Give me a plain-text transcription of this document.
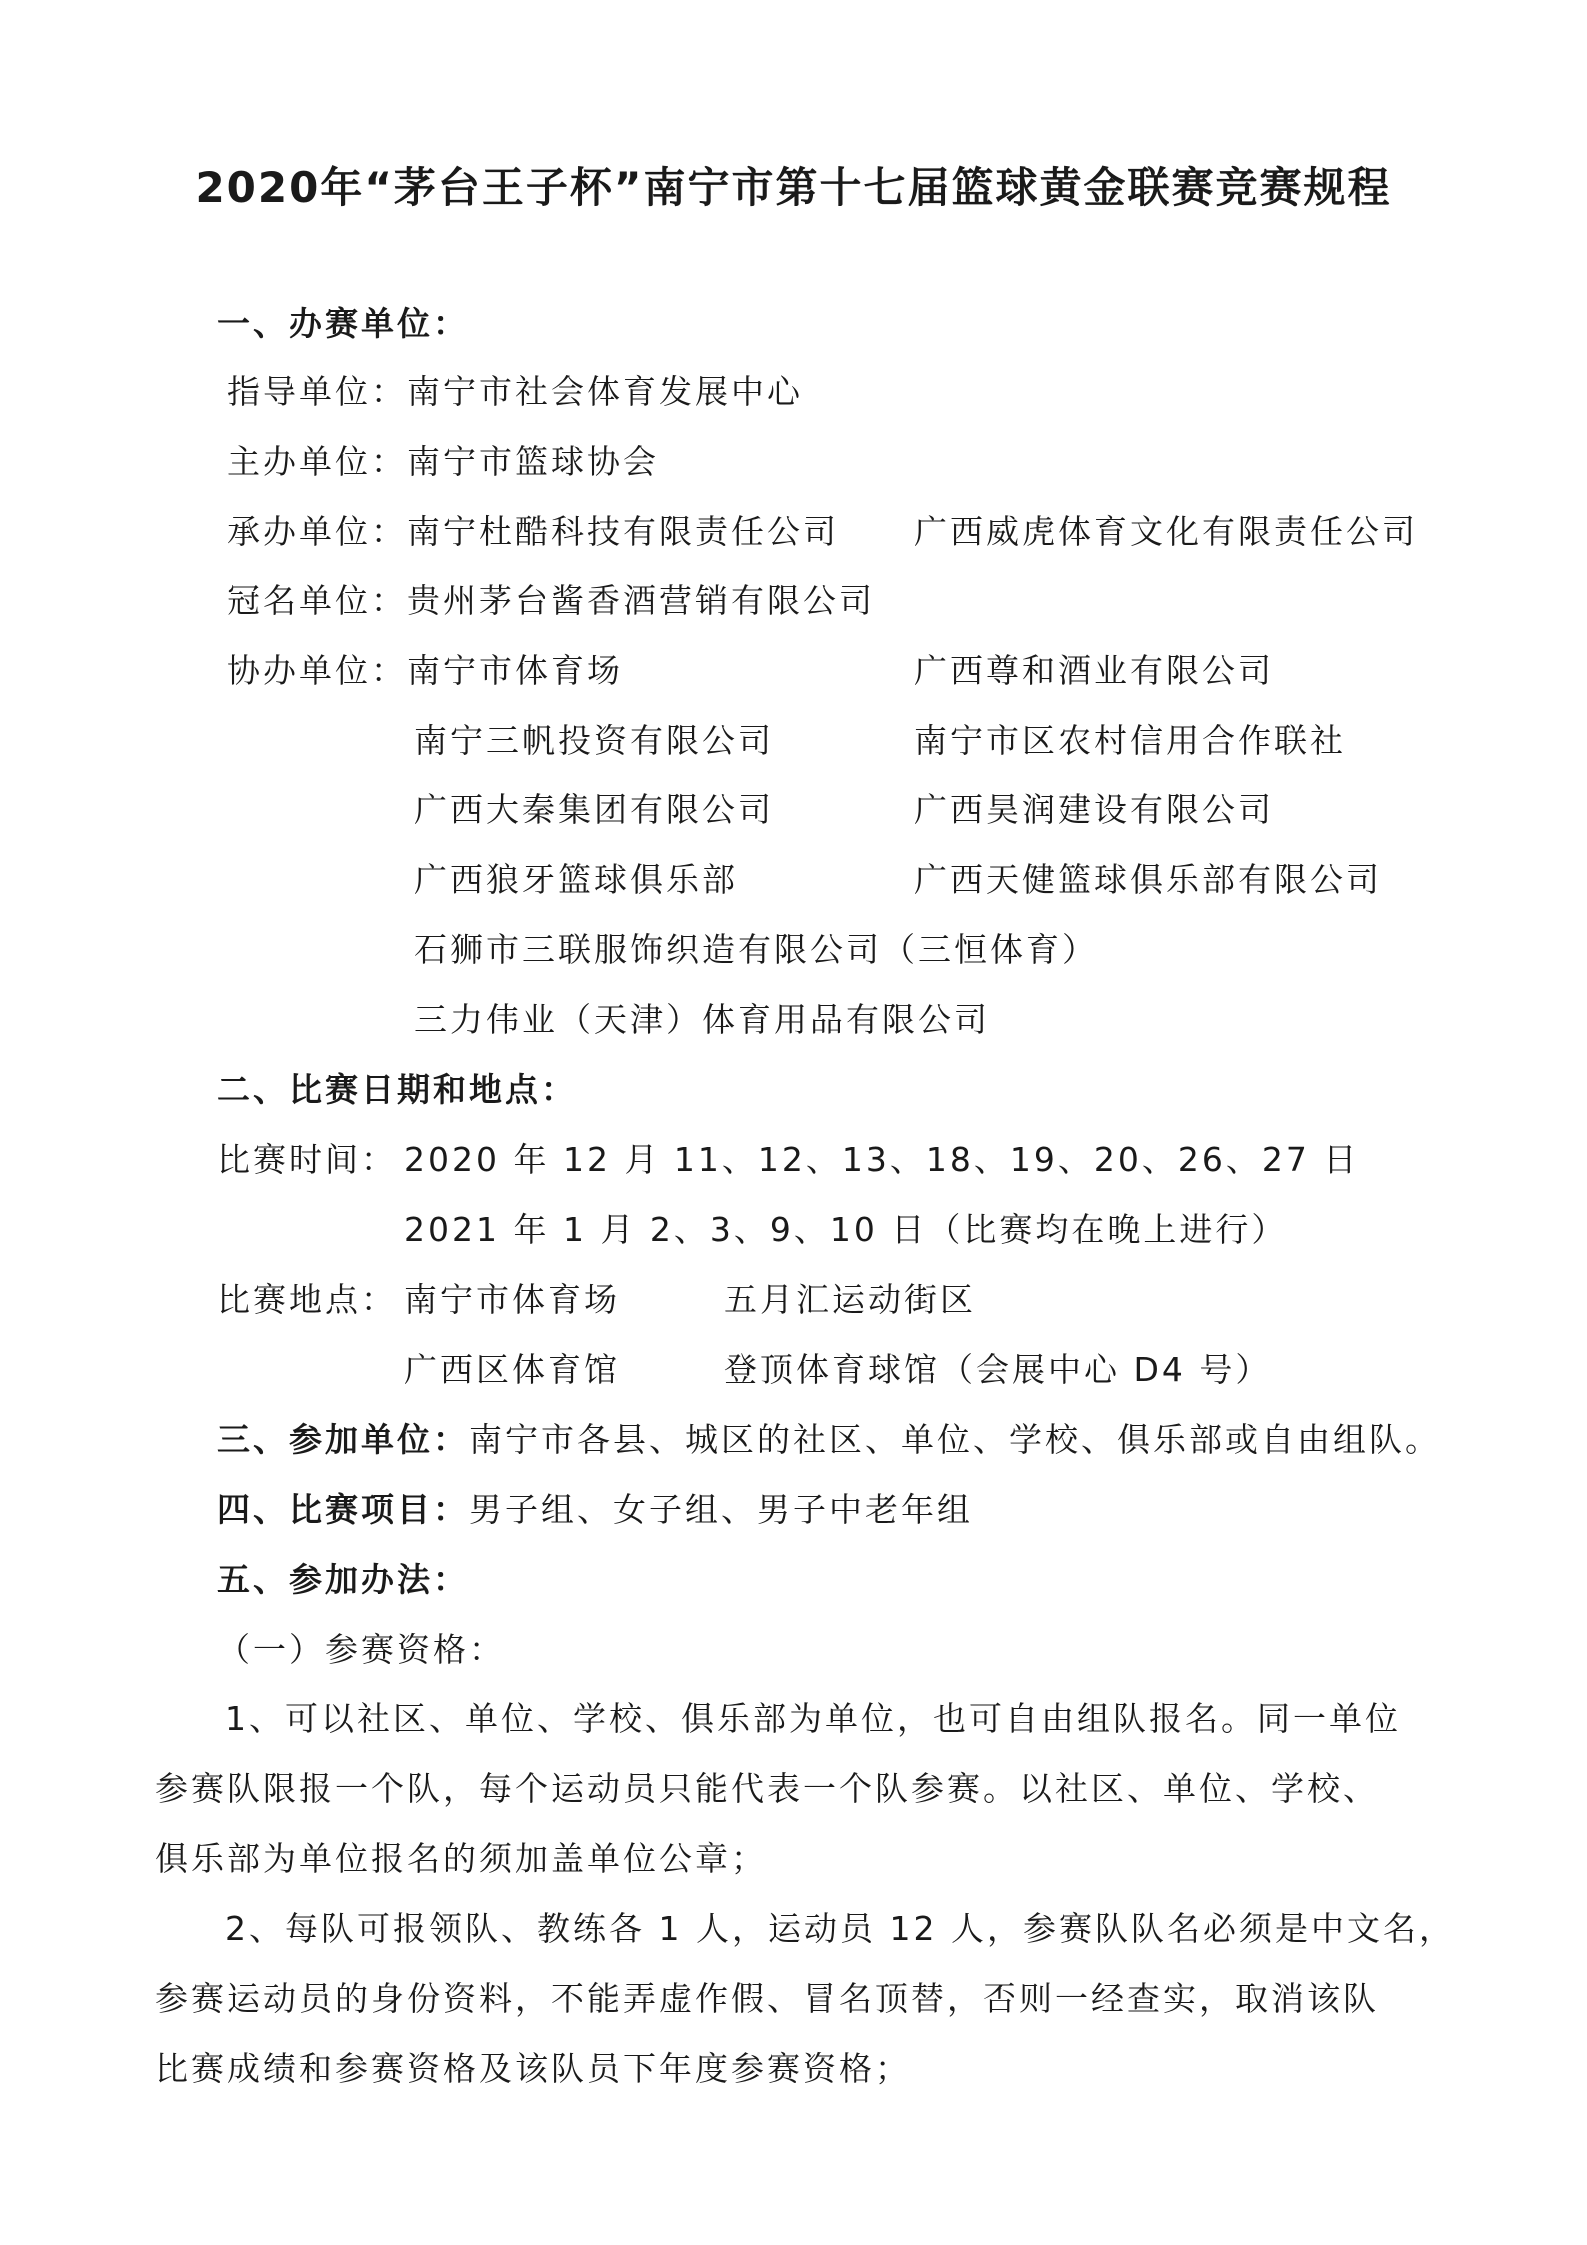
2020年“茅台王子杯”南宁市第十七届篮球黄金联赛竞赛规程
一、办赛单位：
指导单位：南宁市社会体育发展中心
主办单位：南宁市篮球协会
承办单位：南宁杜酷科技有限责任公司 广西威虎体育文化有限责任公司
冠名单位：贵州茅台酱香酒营销有限公司
协办单位：南宁市体育场	广西尊和酒业有限公司
南宁三帆投资有限公司	南宁市区农村信用合作联社
广西大秦集团有限公司	广西昊润建设有限公司
广西狼牙篮球俱乐部	广西天健篮球俱乐部有限公司
石狮市三联服饰织造有限公司（三恒体育）
三力伟业（天津）体育用品有限公司
二、比赛日期和地点：
比赛时间： 2020 年 12 月 11、12、13、18、19、20、26、27 日
2021 年 1 月 2、3、9、10 日（比赛均在晚上进行）
比赛地点： 南宁市体育场	五月汇运动街区
广西区体育馆	登顶体育球馆（会展中心 D4 号）
三、参加单位：南宁市各县、城区的社区、单位、学校、俱乐部或自由组队。
四、比赛项目：男子组、女子组、男子中老年组
五、参加办法：
（一）参赛资格：
1、可以社区、单位、学校、俱乐部为单位，也可自由组队报名。同一单位
参赛队限报一个队，每个运动员只能代表一个队参赛。以社区、单位、学校、
俱乐部为单位报名的须加盖单位公章；
2、每队可报领队、教练各 1 人，运动员 12 人，参赛队队名必须是中文名，
参赛运动员的身份资料，不能弄虚作假、冒名顶替，否则一经查实，取消该队
比赛成绩和参赛资格及该队员下年度参赛资格；
